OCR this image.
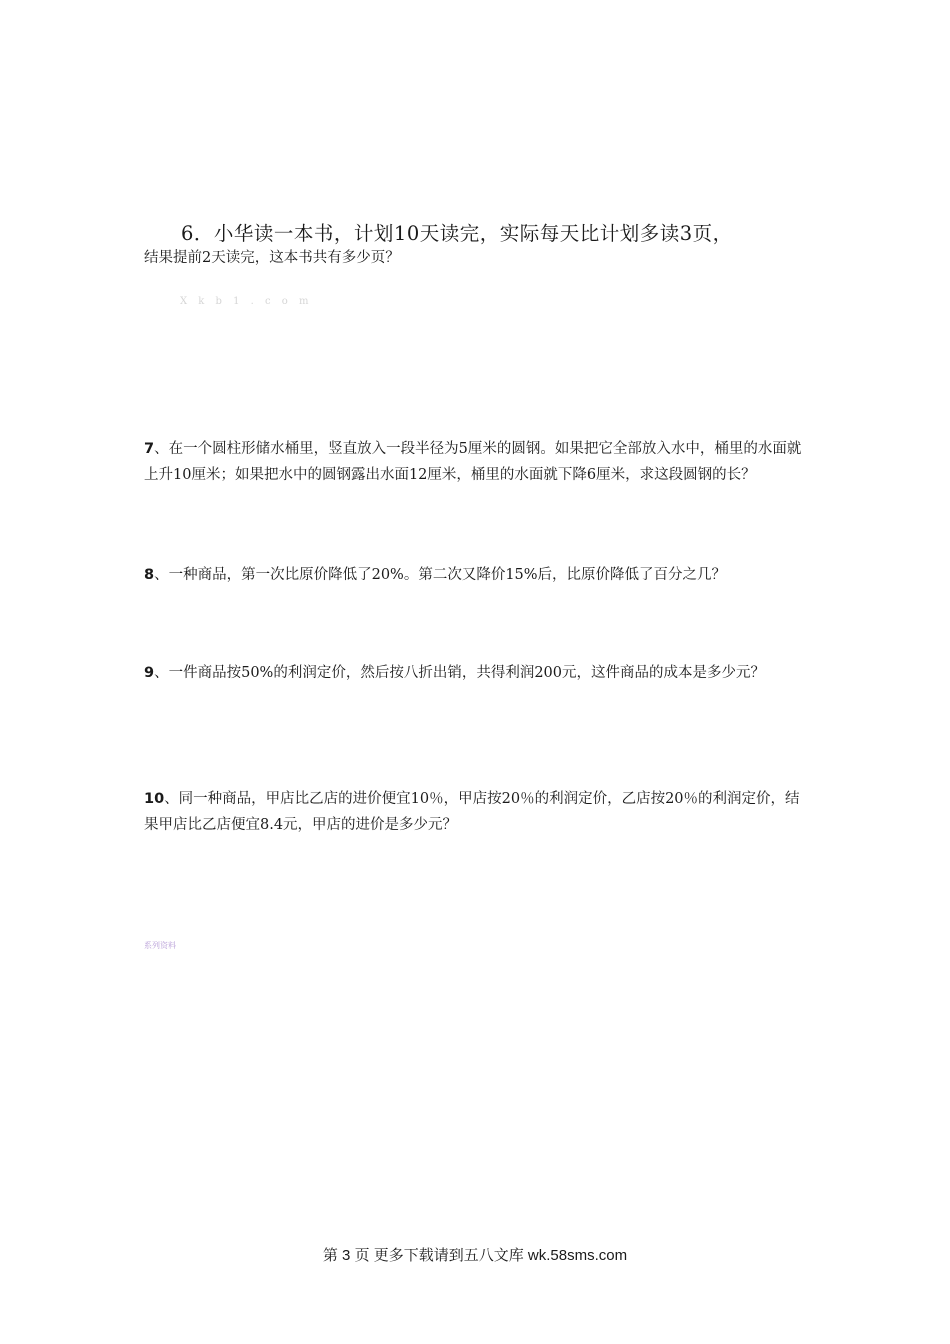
6．小华读一本书，计划10天读完，实际每天比计划多读3页，
结果提前2天读完，这本书共有多少页？
X k b 1 . c o m
7、在一个圆柱形储水桶里，竖直放入一段半径为5厘米的圆钢。如果把它全部放入水中，桶里的水面就上升10厘米；如果把水中的圆钢露出水面12厘米，桶里的水面就下降6厘米，求这段圆钢的长？
8、一种商品，第一次比原价降低了20%。第二次又降价15%后，比原价降低了百分之几？
9、一件商品按50%的利润定价，然后按八折出销，共得利润200元，这件商品的成本是多少元？
10、同一种商品，甲店比乙店的进价便宜10％，甲店按20％的利润定价，乙店按20％的利润定价，结果甲店比乙店便宜8.4元，甲店的进价是多少元？
系列资料
第 3 页 更多下载请到五八文库 wk.58sms.com
